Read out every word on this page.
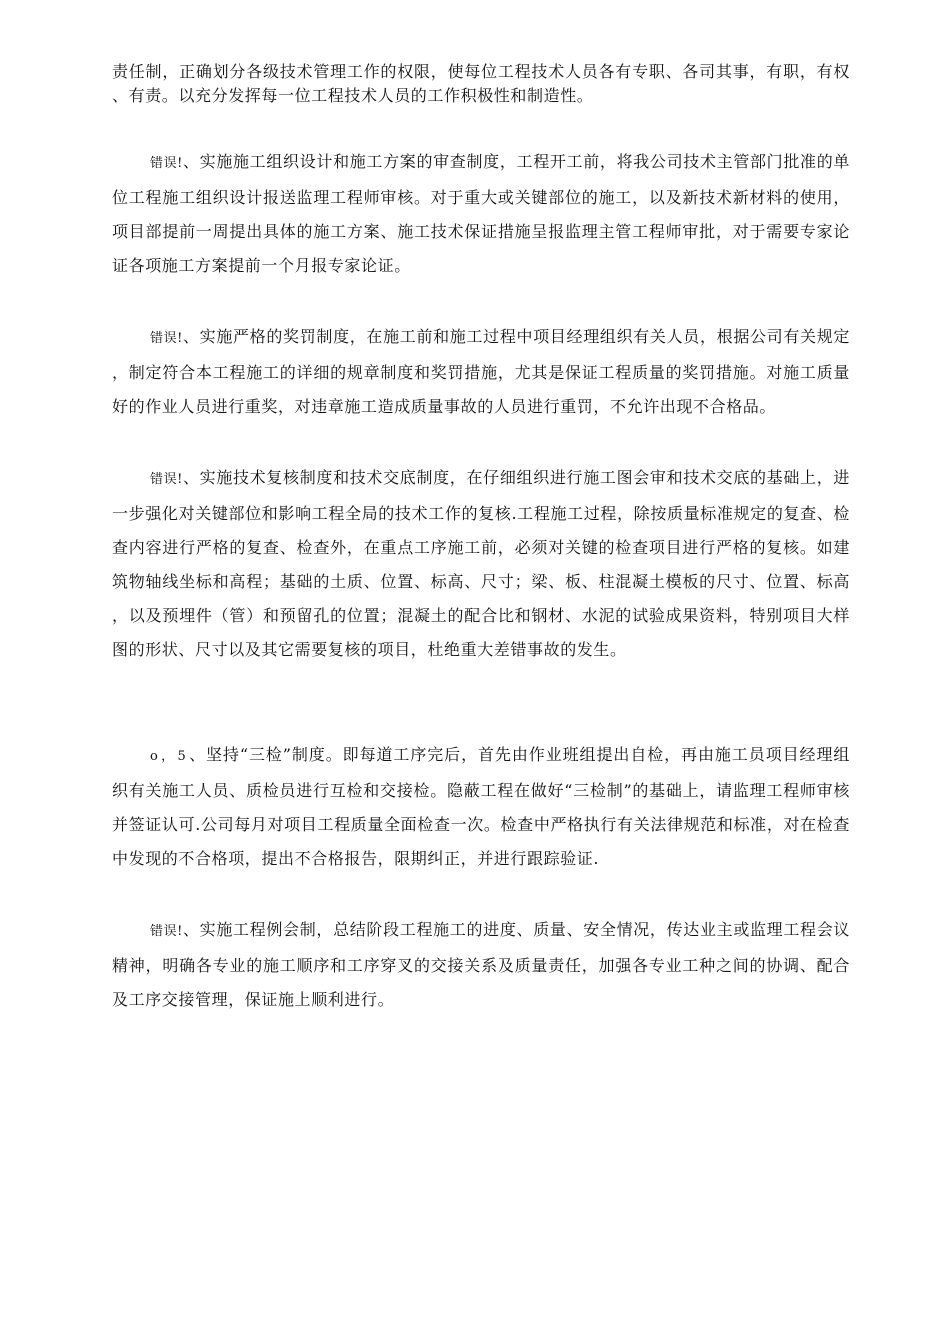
责任制，正确划分各级技术管理工作的权限，使每位工程技术人员各有专职、各司其事，有职，有权、有责。以充分发挥每一位工程技术人员的工作积极性和制造性。

错误!、实施施工组织设计和施工方案的审查制度，工程开工前，将我公司技术主管部门批准的单位工程施工组织设计报送监理工程师审核。对于重大或关键部位的施工，以及新技术新材料的使用，项目部提前一周提出具体的施工方案、施工技术保证措施呈报监理主管工程师审批，对于需要专家论证各项施工方案提前一个月报专家论证。

错误!、实施严格的奖罚制度，在施工前和施工过程中项目经理组织有关人员，根据公司有关规定，制定符合本工程施工的详细的规章制度和奖罚措施，尤其是保证工程质量的奖罚措施。对施工质量好的作业人员进行重奖，对违章施工造成质量事故的人员进行重罚，不允许出现不合格品。

错误!、实施技术复核制度和技术交底制度，在仔细组织进行施工图会审和技术交底的基础上，进一步强化对关键部位和影响工程全局的技术工作的复核.工程施工过程，除按质量标准规定的复查、检查内容进行严格的复查、检查外，在重点工序施工前，必须对关键的检查项目进行严格的复核。如建筑物轴线坐标和高程；基础的土质、位置、标高、尺寸；梁、板、柱混凝土模板的尺寸、位置、标高，以及预埋件（管）和预留孔的位置；混凝土的配合比和钢材、水泥的试验成果资料，特别项目大样图的形状、尺寸以及其它需要复核的项目，杜绝重大差错事故的发生。

o，5、坚持“三检”制度。即每道工序完后，首先由作业班组提出自检，再由施工员项目经理组织有关施工人员、质检员进行互检和交接检。隐蔽工程在做好“三检制”的基础上，请监理工程师审核并签证认可.公司每月对项目工程质量全面检查一次。检查中严格执行有关法律规范和标准，对在检查中发现的不合格项，提出不合格报告，限期纠正，并进行跟踪验证.

错误!、实施工程例会制，总结阶段工程施工的进度、质量、安全情况，传达业主或监理工程会议精神，明确各专业的施工顺序和工序穿叉的交接关系及质量责任，加强各专业工种之间的协调、配合及工序交接管理，保证施上顺利进行。
